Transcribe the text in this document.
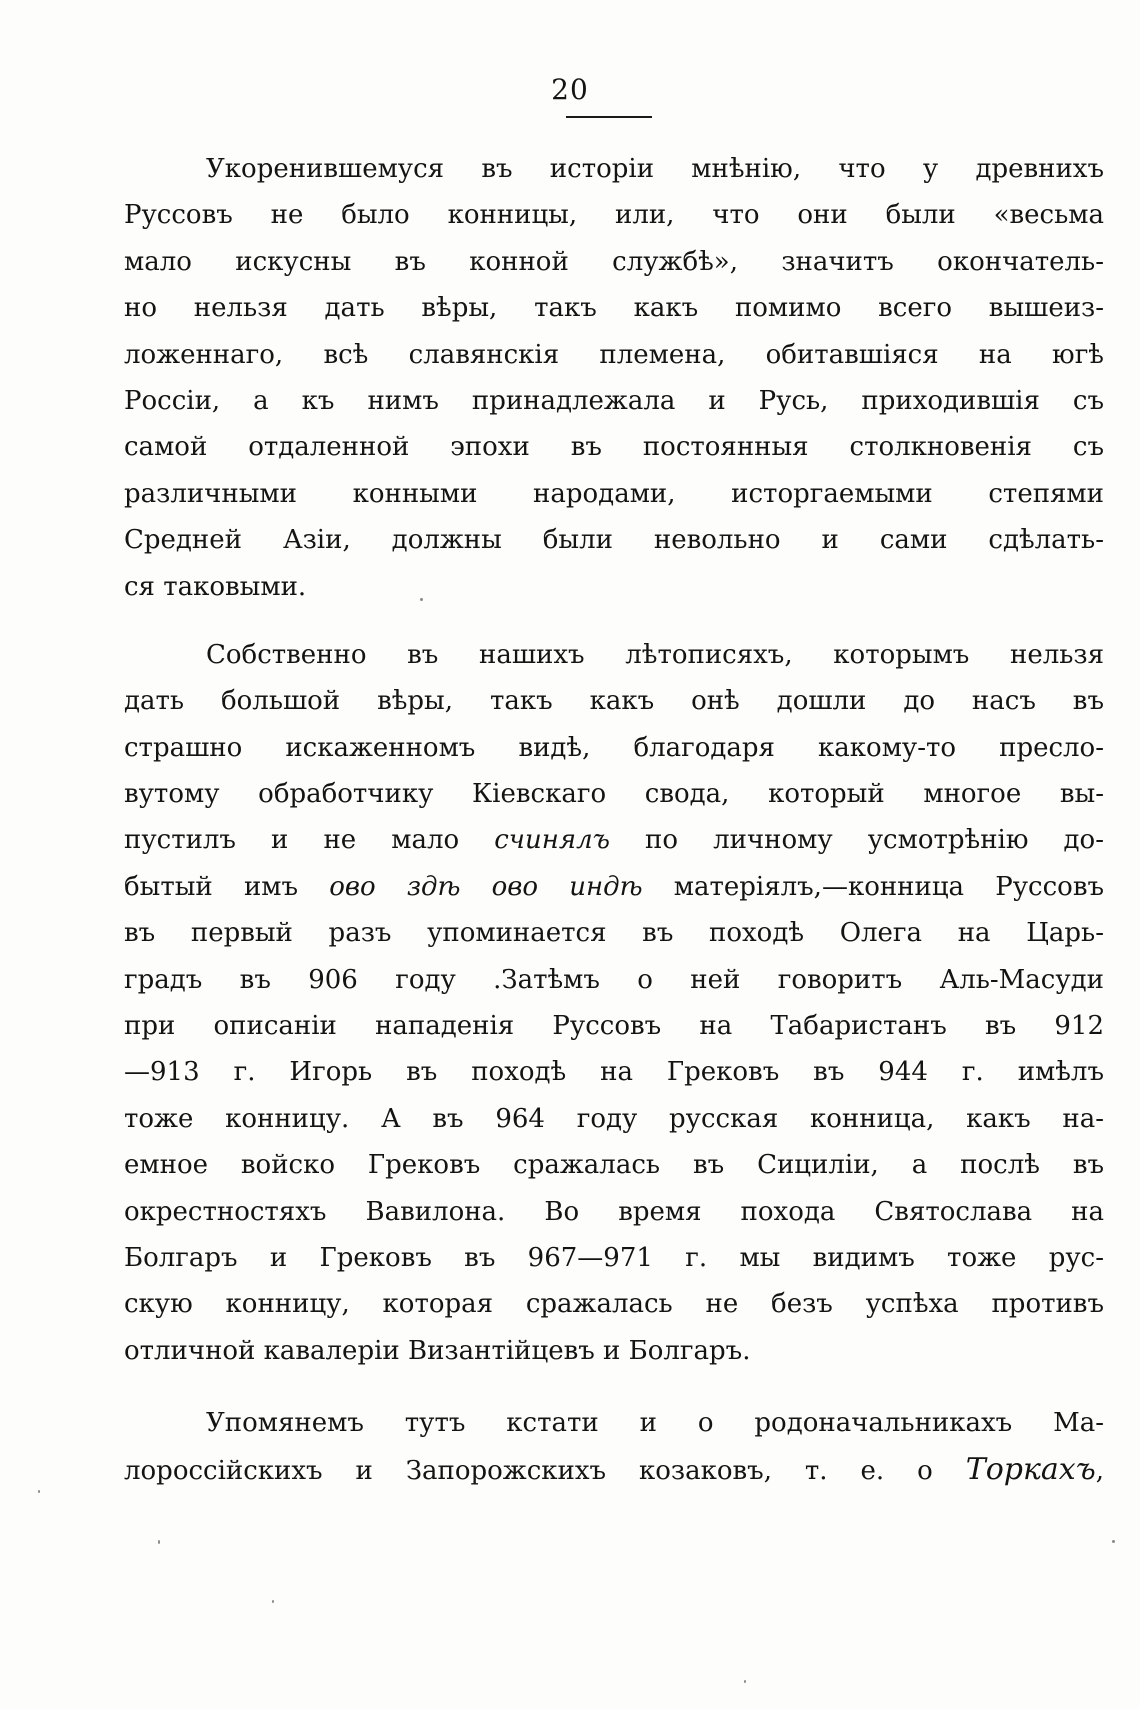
20
Укоренившемуся въ исторіи мнѣнію, что у древнихъ
Руссовъ не было конницы, или, что они были «весьма
мало искусны въ конной службѣ», значитъ окончатель-
но нельзя дать вѣры, такъ какъ помимо всего вышеиз-
ложеннаго, всѣ славянскія племена, обитавшіяся на югѣ
Россіи, а къ нимъ принадлежала и Русь, приходившія съ
самой отдаленной эпохи въ постоянныя столкновенія съ
различными конными народами, исторгаемыми степями
Средней Азіи, должны были невольно и сами сдѣлать-
ся таковыми.
Собственно въ нашихъ лѣтописяхъ, которымъ нельзя
дать большой вѣры, такъ какъ онѣ дошли до насъ въ
страшно искаженномъ видѣ, благодаря какому-то пресло-
вутому обработчику Кіевскаго свода, который многое вы-
пустилъ и не мало счинялъ по личному усмотрѣнію до-
бытый имъ ово здѣ ово индѣ матеріялъ,—конница Руссовъ
въ первый разъ упоминается въ походѣ Олега на Царь-
градъ въ 906 году .Затѣмъ о ней говоритъ Аль-Масуди
при описаніи нападенія Руссовъ на Табаристанъ въ 912
—913 г. Игорь въ походѣ на Грековъ въ 944 г. имѣлъ
тоже конницу. А въ 964 году русская конница, какъ на-
емное войско Грековъ сражалась въ Сициліи, а послѣ въ
окрестностяхъ Вавилона. Во время похода Святослава на
Болгаръ и Грековъ въ 967—971 г. мы видимъ тоже рус-
скую конницу, которая сражалась не безъ успѣха противъ
отличной кавалеріи Византійцевъ и Болгаръ.
Упомянемъ тутъ кстати и о родоначальникахъ Ма-
лороссійскихъ и Запорожскихъ козаковъ, т. е. о Торкахъ,
